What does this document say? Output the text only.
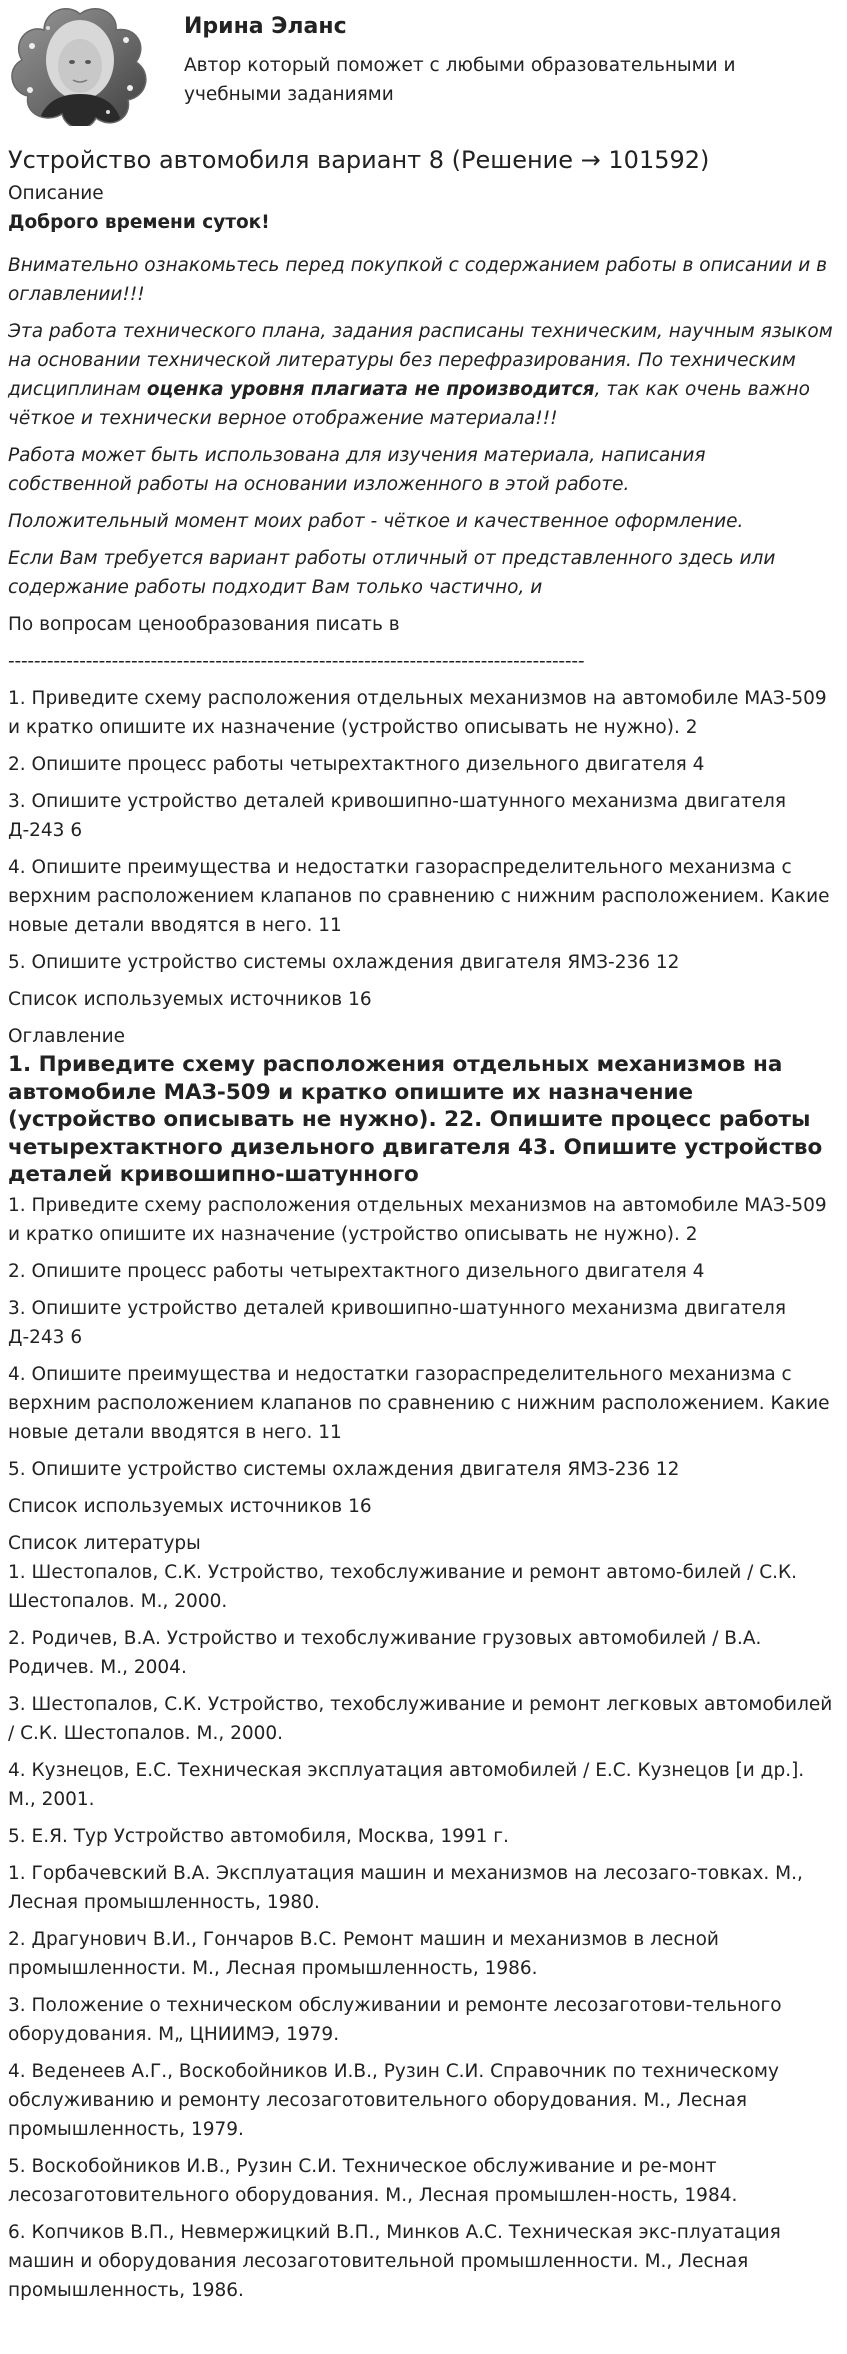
Ирина Эланс
Автор который поможет с любыми образовательными и учебными заданиями
Устройство автомобиля вариант 8 (Решение → 101592)
Описание
Доброго времени суток!

Внимательно ознакомьтесь перед покупкой с содержанием работы в описании и в оглавлении!!!

Эта работа технического плана, задания расписаны техническим, научным языком на основании технической литературы без перефразирования. По техническим дисциплинам оценка уровня плагиата не производится, так как очень важно чёткое и технически верное отображение материала!!!

Работа может быть использована для изучения материала, написания собственной работы на основании изложенного в этой работе.

Положительный момент моих работ - чёткое и качественное оформление.

Если Вам требуется вариант работы отличный от представленного здесь или содержание работы подходит Вам только частично, и

По вопросам ценообразования писать в

-----------------------------------------------------------------------------------------

1. Приведите схему расположения отдельных механизмов на автомобиле МАЗ-509 и кратко опишите их назначение (устройство описывать не нужно). 2

2. Опишите процесс работы четырехтактного дизельного двигателя 4

3. Опишите устройство деталей кривошипно-шатунного механизма двигателя Д-243 6

4. Опишите преимущества и недостатки газораспределительного механизма с верхним расположением клапанов по сравнению с нижним расположением. Какие новые детали вводятся в него. 11

5. Опишите устройство системы охлаждения двигателя ЯМЗ-236 12

Список используемых источников 16

Оглавление
1. Приведите схему расположения отдельных механизмов на автомобиле МАЗ-509 и кратко опишите их назначение (устройство описывать не нужно). 22. Опишите процесс работы четырехтактного дизельного двигателя 43. Опишите устройство деталей кривошипно-шатунного

1. Приведите схему расположения отдельных механизмов на автомобиле МАЗ-509 и кратко опишите их назначение (устройство описывать не нужно). 2

2. Опишите процесс работы четырехтактного дизельного двигателя 4

3. Опишите устройство деталей кривошипно-шатунного механизма двигателя Д-243 6

4. Опишите преимущества и недостатки газораспределительного механизма с верхним расположением клапанов по сравнению с нижним расположением. Какие новые детали вводятся в него. 11

5. Опишите устройство системы охлаждения двигателя ЯМЗ-236 12

Список используемых источников 16

Список литературы

1. Шестопалов, С.К. Устройство, техобслуживание и ремонт автомо-билей / С.К. Шестопалов. М., 2000.

2. Родичев, В.А. Устройство и техобслуживание грузовых автомобилей / В.А. Родичев. М., 2004.

3. Шестопалов, С.К. Устройство, техобслуживание и ремонт легковых автомобилей / С.К. Шестопалов. М., 2000.

4. Кузнецов, Е.С. Техническая эксплуатация автомобилей / Е.С. Кузнецов [и др.]. М., 2001.

5. Е.Я. Тур Устройство автомобиля, Москва, 1991 г.

1. Горбачевский В.А. Эксплуатация машин и механизмов на лесозаго-товках. М., Лесная промышленность, 1980.

2. Драгунович В.И., Гончаров В.С. Ремонт машин и механизмов в лесной промышленности. М., Лесная промышленность, 1986.

3. Положение о техническом обслуживании и ремонте лесозаготови-тельного оборудования. М„ ЦНИИМЭ, 1979.

4. Веденеев А.Г., Воскобойников И.В., Рузин С.И. Справочник по техническому обслуживанию и ремонту лесозаготовительного оборудования. М., Лесная промышленность, 1979.

5. Воскобойников И.В., Рузин С.И. Техническое обслуживание и ре-монт лесозаготовительного оборудования. М., Лесная промышлен-ность, 1984.

6. Копчиков В.П., Невмержицкий В.П., Минков А.С. Техническая экс-плуатация машин и оборудования лесозаготовительной промышленности. М., Лесная промышленность, 1986.
